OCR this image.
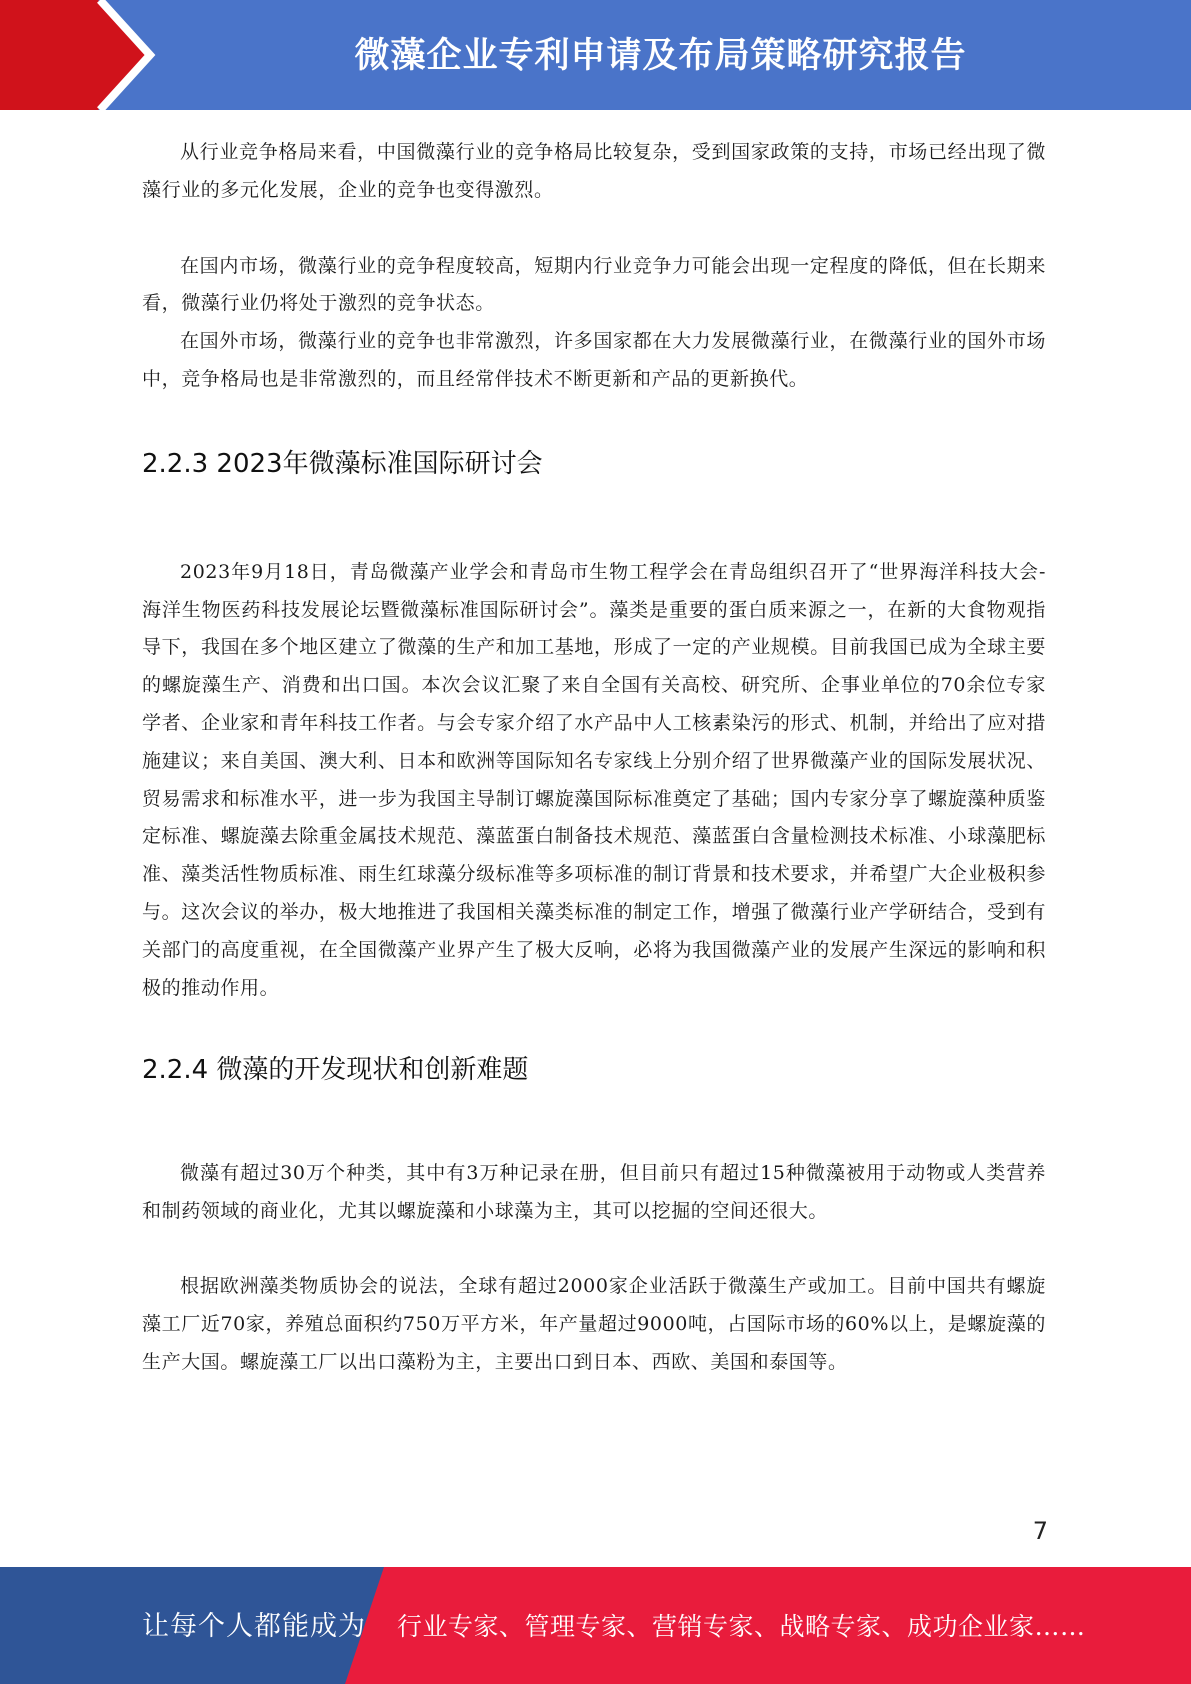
微藻企业专利申请及布局策略研究报告

从行业竞争格局来看，中国微藻行业的竞争格局比较复杂，受到国家政策的支持，市场已经出现了微藻行业的多元化发展，企业的竞争也变得激烈。

在国内市场，微藻行业的竞争程度较高，短期内行业竞争力可能会出现一定程度的降低，但在长期来看，微藻行业仍将处于激烈的竞争状态。

在国外市场，微藻行业的竞争也非常激烈，许多国家都在大力发展微藻行业，在微藻行业的国外市场中，竞争格局也是非常激烈的，而且经常伴技术不断更新和产品的更新换代。

2.2.3 2023年微藻标准国际研讨会

2023年9月18日，青岛微藻产业学会和青岛市生物工程学会在青岛组织召开了“世界海洋科技大会-海洋生物医药科技发展论坛暨微藻标准国际研讨会”。藻类是重要的蛋白质来源之一，在新的大食物观指导下，我国在多个地区建立了微藻的生产和加工基地，形成了一定的产业规模。目前我国已成为全球主要的螺旋藻生产、消费和出口国。本次会议汇聚了来自全国有关高校、研究所、企事业单位的70余位专家学者、企业家和青年科技工作者。与会专家介绍了水产品中人工核素染污的形式、机制，并给出了应对措施建议；来自美国、澳大利、日本和欧洲等国际知名专家线上分别介绍了世界微藻产业的国际发展状况、贸易需求和标准水平，进一步为我国主导制订螺旋藻国际标准奠定了基础；国内专家分享了螺旋藻种质鉴定标准、螺旋藻去除重金属技术规范、藻蓝蛋白制备技术规范、藻蓝蛋白含量检测技术标准、小球藻肥标准、藻类活性物质标准、雨生红球藻分级标准等多项标准的制订背景和技术要求，并希望广大企业极积参与。这次会议的举办，极大地推进了我国相关藻类标准的制定工作，增强了微藻行业产学研结合，受到有关部门的高度重视，在全国微藻产业界产生了极大反响，必将为我国微藻产业的发展产生深远的影响和积极的推动作用。

2.2.4 微藻的开发现状和创新难题

微藻有超过30万个种类，其中有3万种记录在册，但目前只有超过15种微藻被用于动物或人类营养和制药领域的商业化，尤其以螺旋藻和小球藻为主，其可以挖掘的空间还很大。

根据欧洲藻类物质协会的说法，全球有超过2000家企业活跃于微藻生产或加工。目前中国共有螺旋藻工厂近70家，养殖总面积约750万平方米，年产量超过9000吨，占国际市场的60%以上，是螺旋藻的生产大国。螺旋藻工厂以出口藻粉为主，主要出口到日本、西欧、美国和泰国等。

7
让每个人都能成为 行业专家、管理专家、营销专家、战略专家、成功企业家……
